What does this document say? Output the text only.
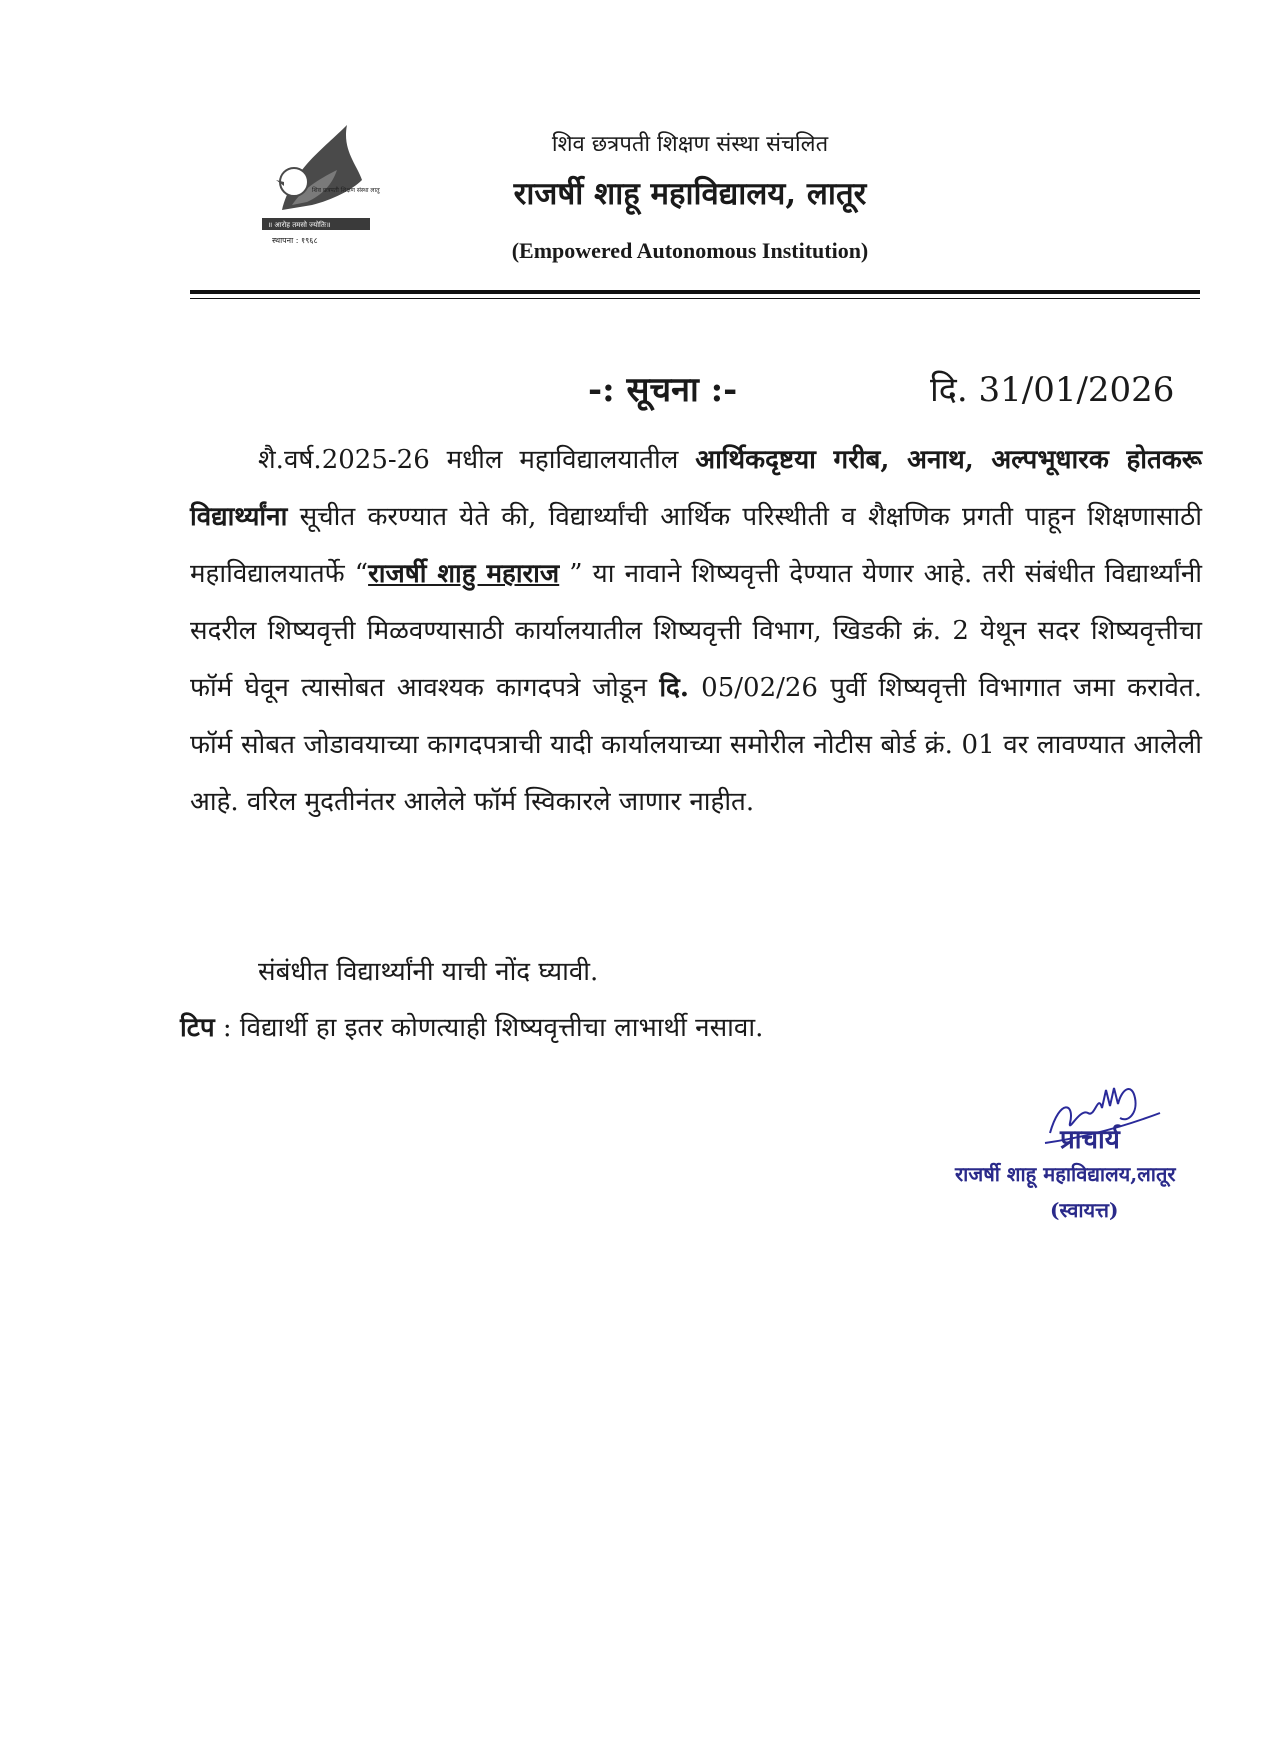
शिव छत्रपती शिक्षण संस्था लातूर
॥ आरोह तमसो ज्योतिः॥
स्थापना : १९६८
शिव छत्रपती शिक्षण संस्था संचलित
राजर्षी शाहू महाविद्यालय, लातूर
(Empowered Autonomous Institution)
-: सूचना :-	दि. 31/01/2026

शै.वर्ष.2025-26 मधील महाविद्यालयातील आर्थिकदृष्टया गरीब, अनाथ, अल्पभूधारक होतकरू विद्यार्थ्यांना सूचीत करण्यात येते की, विद्यार्थ्यांची आर्थिक परिस्थीती व शैक्षणिक प्रगती पाहून शिक्षणासाठी महाविद्यालयातर्फे “राजर्षी शाहु महाराज ” या नावाने शिष्यवृत्ती देण्यात येणार आहे. तरी संबंधीत विद्यार्थ्यांनी सदरील शिष्यवृत्ती मिळवण्यासाठी कार्यालयातील शिष्यवृत्ती विभाग, खिडकी क्रं. 2 येथून सदर शिष्यवृत्तीचा फॉर्म घेवून त्यासोबत आवश्यक कागदपत्रे जोडून दि. 05/02/26 पुर्वी शिष्यवृत्ती विभागात जमा करावेत. फॉर्म सोबत जोडावयाच्या कागदपत्राची यादी कार्यालयाच्या समोरील नोटीस बोर्ड क्रं. 01 वर लावण्यात आलेली आहे. वरिल मुदतीनंतर आलेले फॉर्म स्विकारले जाणार नाहीत.

संबंधीत विद्यार्थ्यांनी याची नोंद घ्यावी.
टिप : विद्यार्थी हा इतर कोणत्याही शिष्यवृत्तीचा लाभार्थी नसावा.
प्राचार्य
राजर्षी शाहू महाविद्यालय,लातूर
(स्वायत्त)
